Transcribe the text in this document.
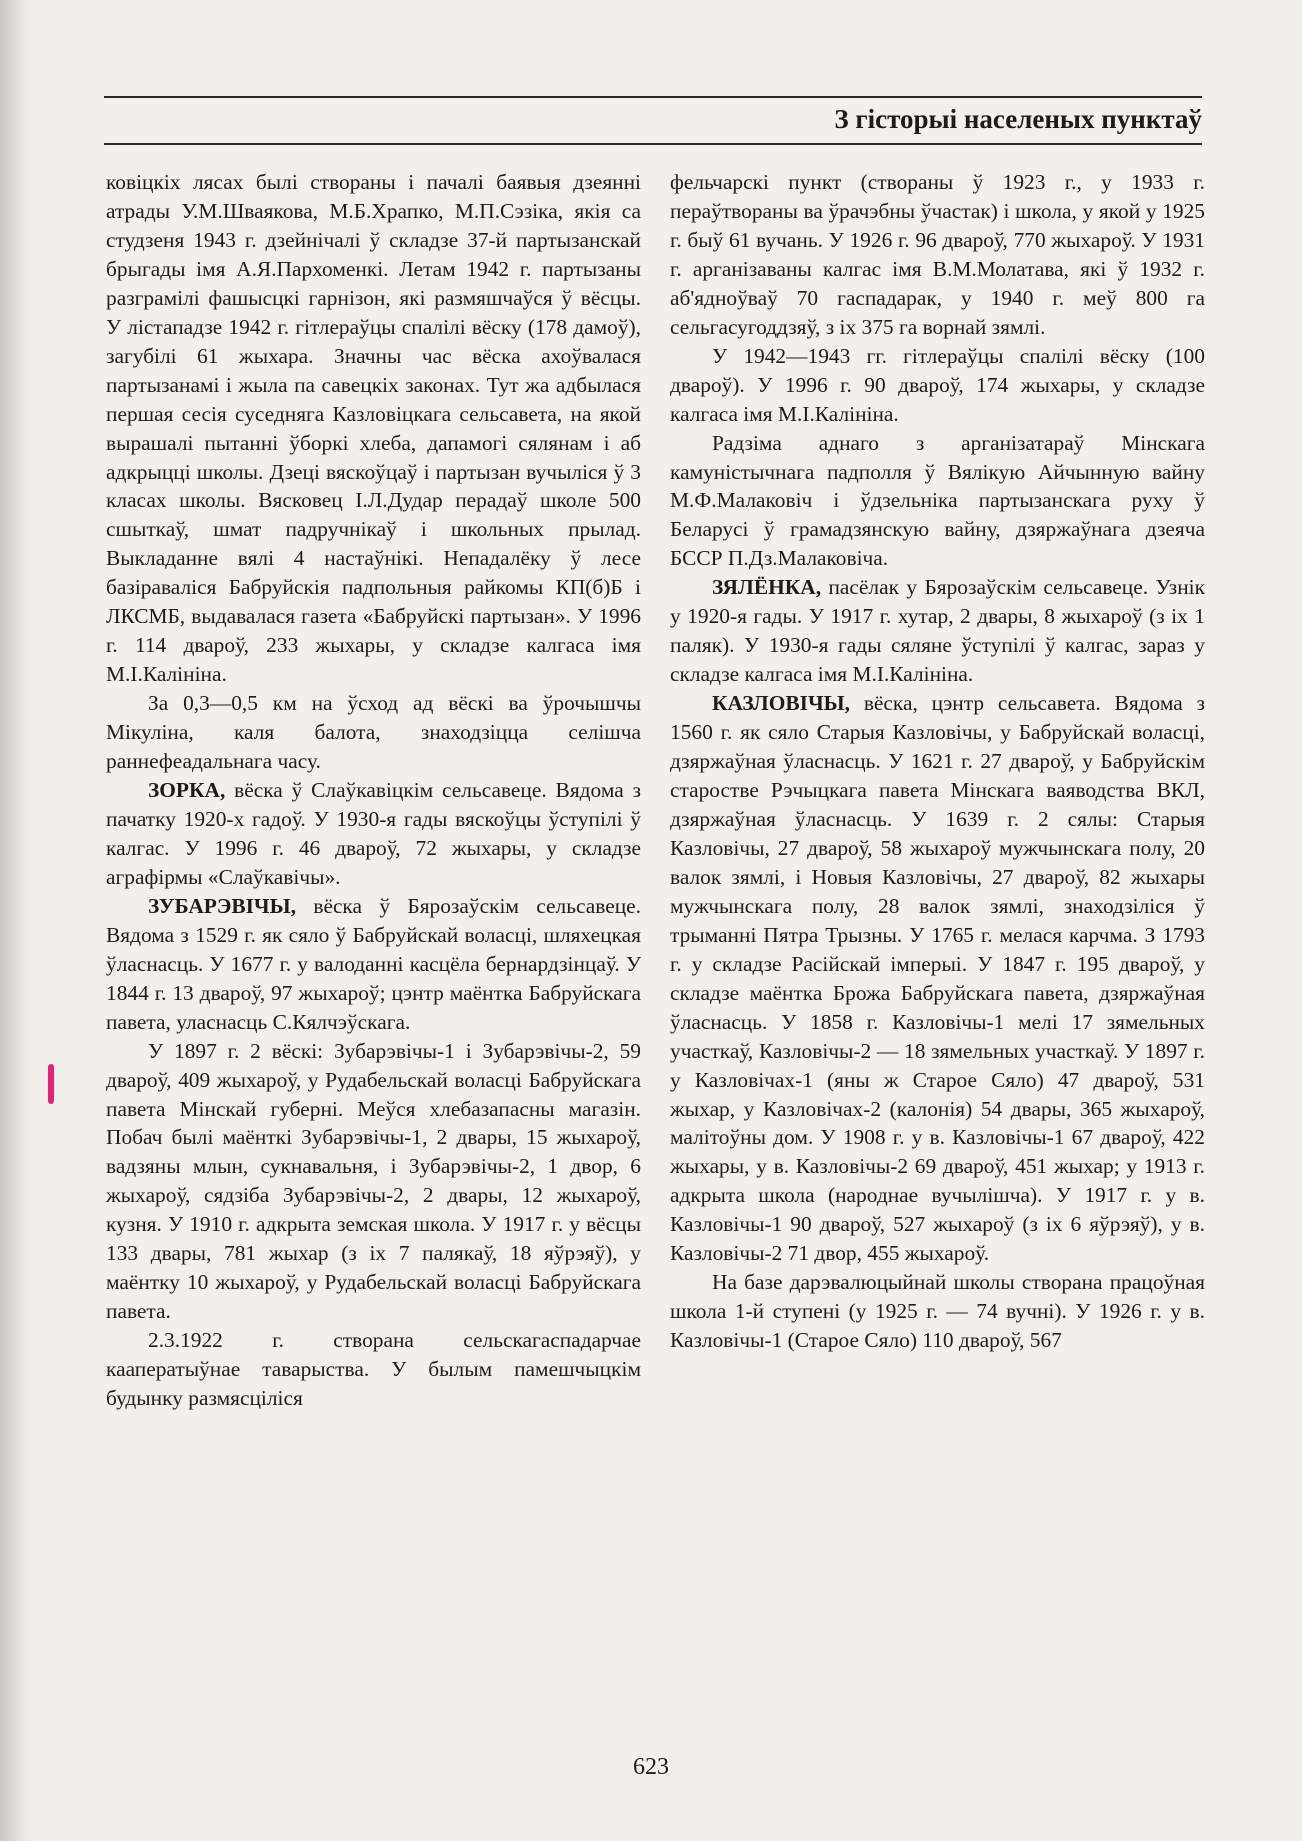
З гісторыі населеных пунктаў

ковіцкіх лясах былі створаны і пачалі баявыя дзеянні атрады У.М.Шваякова, М.Б.Храпко, М.П.Сэзіка, якія са студзеня 1943 г. дзейнічалі ў складзе 37-й партызанскай брыгады імя А.Я.Пархоменкі. Летам 1942 г. партызаны разграмілі фашысцкі гарнізон, які размяшчаўся ў вёсцы. У лістападзе 1942 г. гітлераўцы спалілі вёску (178 дамоў), загубілі 61 жыхара. Значны час вёска ахоўвалася партызанамі і жыла па савецкіх законах. Тут жа адбылася першая сесія суседняга Казловіцкага сельсавета, на якой вырашалі пытанні ўборкі хлеба, дапамогі сялянам і аб адкрыцці школы. Дзеці вяскоўцаў і партызан вучыліся ў 3 класах школы. Вясковец І.Л.Дудар перадаў школе 500 сшыткаў, шмат падручнікаў і школьных прылад. Выкладанне вялі 4 настаўнікі. Непадалёку ў лесе базіраваліся Бабруйскія падпольныя райкомы КП(б)Б і ЛКСМБ, выдавалася газета «Бабруйскі партызан». У 1996 г. 114 двароў, 233 жыхары, у складзе калгаса імя М.І.Калініна.

За 0,3—0,5 км на ўсход ад вёскі ва ўрочышчы Мікуліна, каля балота, знаходзіцца селішча раннефеадальнага часу.

ЗОРКА, вёска ў Слаўкавіцкім сельсавеце. Вядома з пачатку 1920-х гадоў. У 1930-я гады вяскоўцы ўступілі ў калгас. У 1996 г. 46 двароў, 72 жыхары, у складзе агрaфірмы «Слаўкавічы».

ЗУБАРЭВІЧЫ, вёска ў Бярозаўскім сельсавеце. Вядома з 1529 г. як сяло ў Бабруйскай воласці, шляхецкая ўласнасць. У 1677 г. у валоданні касцёла бернардзінцаў. У 1844 г. 13 двароў, 97 жыхароў; цэнтр маёнтка Бабруйскага павета, уласнасць С.Кялчэўскага.

У 1897 г. 2 вёскі: Зубарэвічы-1 і Зубарэвічы-2, 59 двароў, 409 жыхароў, у Рудабельскай воласці Бабруйскага павета Мінскай губерні. Меўся хлебазапасны магазін. Побач былі маёнткі Зубарэвічы-1, 2 двары, 15 жыхароў, вадзяны млын, сукнавальня, і Зубарэвічы-2, 1 двор, 6 жыхароў, сядзіба Зубарэвічы-2, 2 двары, 12 жыхароў, кузня. У 1910 г. адкрыта земская школа. У 1917 г. у вёсцы 133 двары, 781 жыхар (з іх 7 палякаў, 18 яўрэяў), у маёнтку 10 жыхароў, у Рудабельскай воласці Бабруйскага павета.

2.3.1922 г. створана сельскагаспадарчае кааператыўнае таварыства. У былым памешчыцкім будынку размясціліся

фельчарскі пункт (створаны ў 1923 г., у 1933 г. пераўтвораны ва ўрачэбны ўчастак) і школа, у якой у 1925 г. быў 61 вучань. У 1926 г. 96 двароў, 770 жыхароў. У 1931 г. арганізаваны калгас імя В.М.Молатава, які ў 1932 г. аб'ядноўваў 70 гаспадарак, у 1940 г. меў 800 га сельгасугоддзяў, з іх 375 га ворнай зямлі.

У 1942—1943 гг. гітлераўцы спалілі вёску (100 двароў). У 1996 г. 90 двароў, 174 жыхары, у складзе калгаса імя М.І.Калініна.

Радзіма аднаго з арганізатараў Мінскага камуністычнага падполля ў Вялікую Айчынную вайну М.Ф.Малаковіч і ўдзельніка партызанскага руху ў Беларусі ў грамадзянскую вайну, дзяржаўнага дзеяча БССР П.Дз.Малаковіча.

ЗЯЛЁНКА, пасёлак у Бярозаўскім сельсавеце. Узнік у 1920-я гады. У 1917 г. хутар, 2 двары, 8 жыхароў (з іх 1 паляк). У 1930-я гады сяляне ўступілі ў калгас, зараз у складзе калгаса імя М.І.Калініна.

КАЗЛОВІЧЫ, вёска, цэнтр сельсавета. Вядома з 1560 г. як сяло Старыя Казловічы, у Бабруйскай воласці, дзяржаўная ўласнасць. У 1621 г. 27 двароў, у Бабруйскім старостве Рэчыцкага павета Мінскага ваяводства ВКЛ, дзяржаўная ўласнасць. У 1639 г. 2 сялы: Старыя Казловічы, 27 двароў, 58 жыхароў мужчынскага полу, 20 валок зямлі, і Новыя Казловічы, 27 двароў, 82 жыхары мужчынскага полу, 28 валок зямлі, знаходзіліся ў трыманні Пятра Трызны. У 1765 г. мелася карчма. З 1793 г. у складзе Расійскай імперыі. У 1847 г. 195 двароў, у складзе маёнтка Брожа Бабруйскага павета, дзяржаўная ўласнасць. У 1858 г. Казловічы-1 мелі 17 зямельных участкаў, Казловічы-2 — 18 зямельных участкаў. У 1897 г. у Казловічах-1 (яны ж Старое Сяло) 47 двароў, 531 жыхар, у Казловічах-2 (калонія) 54 двары, 365 жыхароў, малітоўны дом. У 1908 г. у в. Казловічы-1 67 двароў, 422 жыхары, у в. Казловічы-2 69 двароў, 451 жыхар; у 1913 г. адкрыта школа (народнае вучылішча). У 1917 г. у в. Казловічы-1 90 двароў, 527 жыхароў (з іх 6 яўрэяў), у в. Казловічы-2 71 двор, 455 жыхароў.

На базе дарэвалюцыйнай школы створана працоўная школа 1-й ступені (у 1925 г. — 74 вучні). У 1926 г. у в. Казловічы-1 (Старое Сяло) 110 двароў, 567

623
